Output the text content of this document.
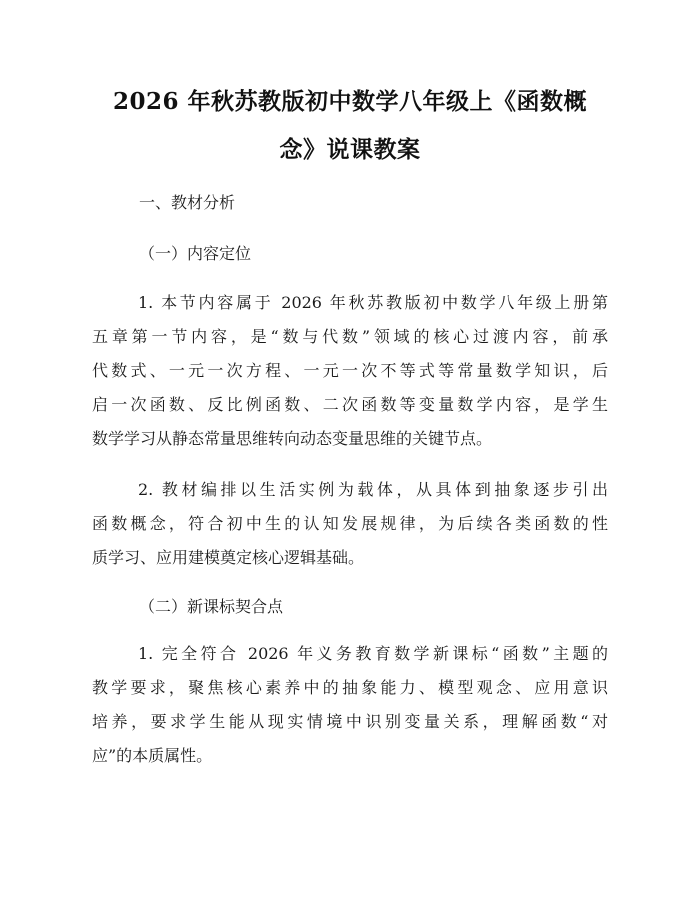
2026 年秋苏教版初中数学八年级上《函数概
念》说课教案

一、教材分析

（一）内容定位

1. 本节内容属于 2026 年秋苏教版初中数学八年级上册第
五章第一节内容，是“数与代数”领域的核心过渡内容，前承
代数式、一元一次方程、一元一次不等式等常量数学知识，后
启一次函数、反比例函数、二次函数等变量数学内容，是学生
数学学习从静态常量思维转向动态变量思维的关键节点。
2. 教材编排以生活实例为载体，从具体到抽象逐步引出
函数概念，符合初中生的认知发展规律，为后续各类函数的性
质学习、应用建模奠定核心逻辑基础。

（二）新课标契合点

1. 完全符合 2026 年义务教育数学新课标“函数”主题的
教学要求，聚焦核心素养中的抽象能力、模型观念、应用意识
培养，要求学生能从现实情境中识别变量关系，理解函数“对
应”的本质属性。
